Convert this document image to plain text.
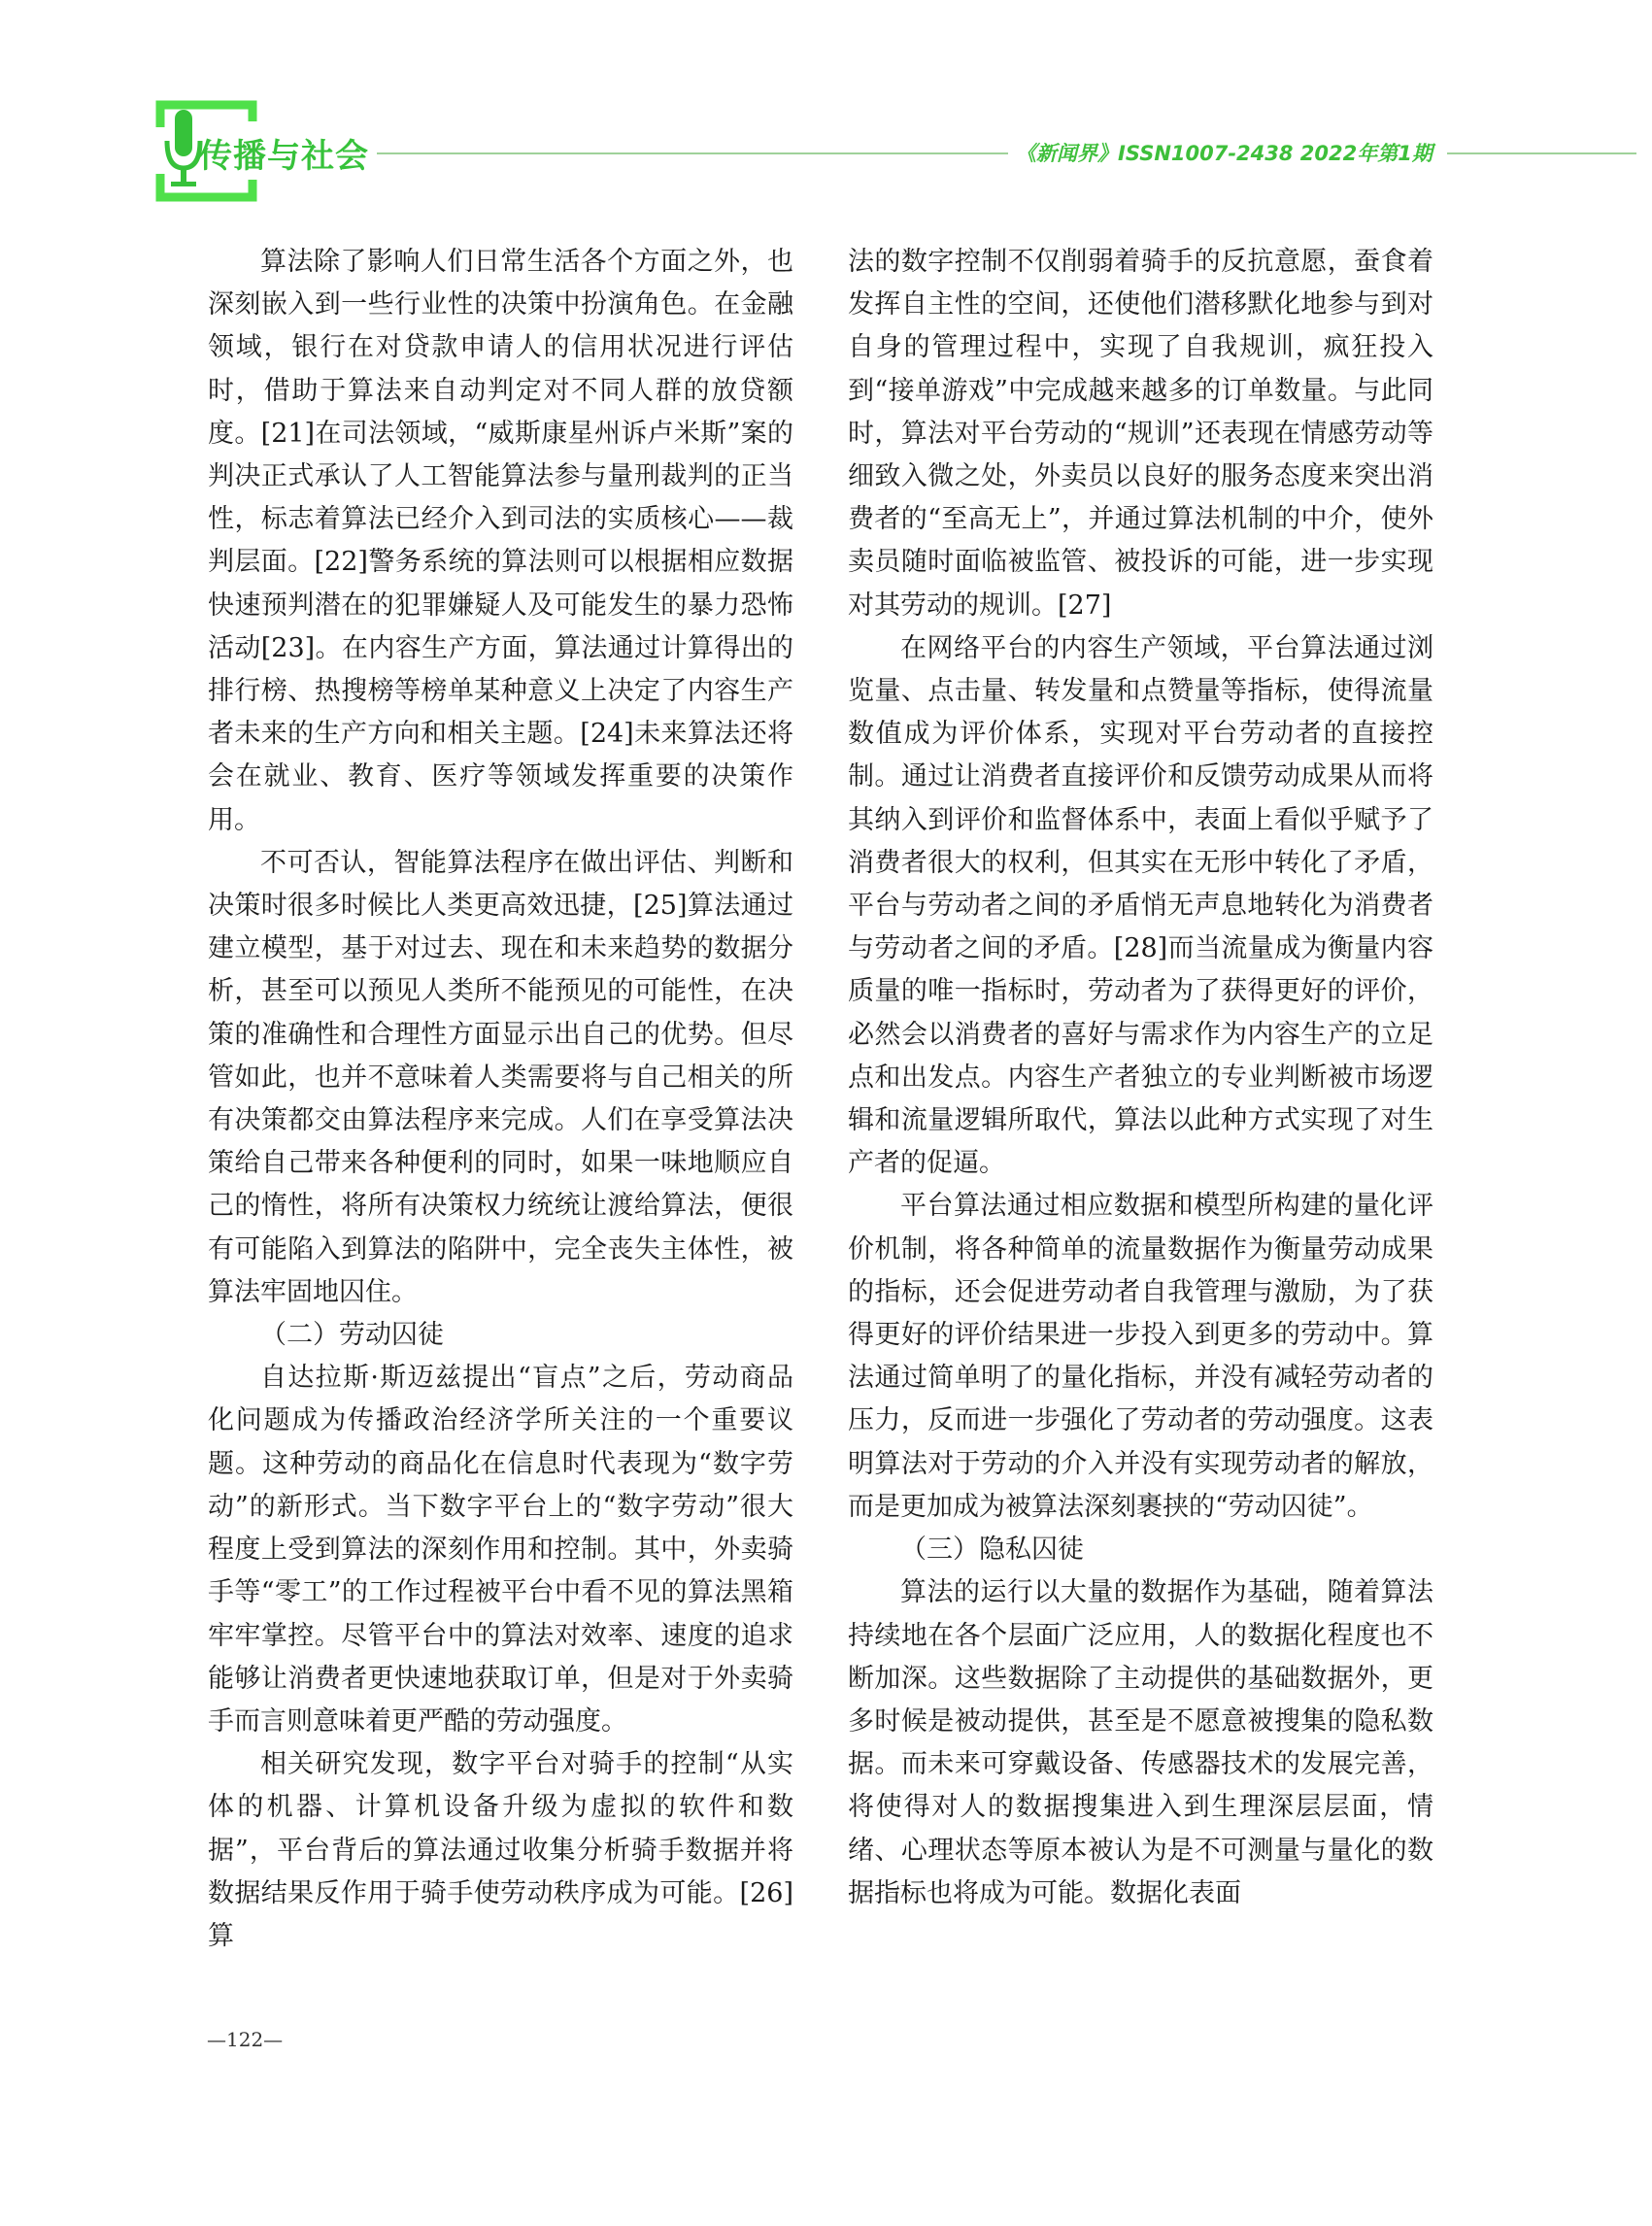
传播与社会	《新闻界》ISSN1007-2438 2022年第1期

算法除了影响人们日常生活各个方面之外，也深刻嵌入到一些行业性的决策中扮演角色。在金融领域，银行在对贷款申请人的信用状况进行评估时，借助于算法来自动判定对不同人群的放贷额度。[21]在司法领域，“威斯康星州诉卢米斯”案的判决正式承认了人工智能算法参与量刑裁判的正当性，标志着算法已经介入到司法的实质核心——裁判层面。[22]警务系统的算法则可以根据相应数据快速预判潜在的犯罪嫌疑人及可能发生的暴力恐怖活动[23]。在内容生产方面，算法通过计算得出的排行榜、热搜榜等榜单某种意义上决定了内容生产者未来的生产方向和相关主题。[24]未来算法还将会在就业、教育、医疗等领域发挥重要的决策作用。

不可否认，智能算法程序在做出评估、判断和决策时很多时候比人类更高效迅捷，[25]算法通过建立模型，基于对过去、现在和未来趋势的数据分析，甚至可以预见人类所不能预见的可能性，在决策的准确性和合理性方面显示出自己的优势。但尽管如此，也并不意味着人类需要将与自己相关的所有决策都交由算法程序来完成。人们在享受算法决策给自己带来各种便利的同时，如果一味地顺应自己的惰性，将所有决策权力统统让渡给算法，便很有可能陷入到算法的陷阱中，完全丧失主体性，被算法牢固地囚住。

（二）劳动囚徒

自达拉斯·斯迈兹提出“盲点”之后，劳动商品化问题成为传播政治经济学所关注的一个重要议题。这种劳动的商品化在信息时代表现为“数字劳动”的新形式。当下数字平台上的“数字劳动”很大程度上受到算法的深刻作用和控制。其中，外卖骑手等“零工”的工作过程被平台中看不见的算法黑箱牢牢掌控。尽管平台中的算法对效率、速度的追求能够让消费者更快速地获取订单，但是对于外卖骑手而言则意味着更严酷的劳动强度。

相关研究发现，数字平台对骑手的控制“从实体的机器、计算机设备升级为虚拟的软件和数据”，平台背后的算法通过收集分析骑手数据并将数据结果反作用于骑手使劳动秩序成为可能。[26]算

法的数字控制不仅削弱着骑手的反抗意愿，蚕食着发挥自主性的空间，还使他们潜移默化地参与到对自身的管理过程中，实现了自我规训，疯狂投入到“接单游戏”中完成越来越多的订单数量。与此同时，算法对平台劳动的“规训”还表现在情感劳动等细致入微之处，外卖员以良好的服务态度来突出消费者的“至高无上”，并通过算法机制的中介，使外卖员随时面临被监管、被投诉的可能，进一步实现对其劳动的规训。[27]

在网络平台的内容生产领域，平台算法通过浏览量、点击量、转发量和点赞量等指标，使得流量数值成为评价体系，实现对平台劳动者的直接控制。通过让消费者直接评价和反馈劳动成果从而将其纳入到评价和监督体系中，表面上看似乎赋予了消费者很大的权利，但其实在无形中转化了矛盾，平台与劳动者之间的矛盾悄无声息地转化为消费者与劳动者之间的矛盾。[28]而当流量成为衡量内容质量的唯一指标时，劳动者为了获得更好的评价，必然会以消费者的喜好与需求作为内容生产的立足点和出发点。内容生产者独立的专业判断被市场逻辑和流量逻辑所取代，算法以此种方式实现了对生产者的促逼。

平台算法通过相应数据和模型所构建的量化评价机制，将各种简单的流量数据作为衡量劳动成果的指标，还会促进劳动者自我管理与激励，为了获得更好的评价结果进一步投入到更多的劳动中。算法通过简单明了的量化指标，并没有减轻劳动者的压力，反而进一步强化了劳动者的劳动强度。这表明算法对于劳动的介入并没有实现劳动者的解放，而是更加成为被算法深刻裹挟的“劳动囚徒”。

（三）隐私囚徒

算法的运行以大量的数据作为基础，随着算法持续地在各个层面广泛应用，人的数据化程度也不断加深。这些数据除了主动提供的基础数据外，更多时候是被动提供，甚至是不愿意被搜集的隐私数据。而未来可穿戴设备、传感器技术的发展完善，将使得对人的数据搜集进入到生理深层层面，情绪、心理状态等原本被认为是不可测量与量化的数据指标也将成为可能。数据化表面

—122—
